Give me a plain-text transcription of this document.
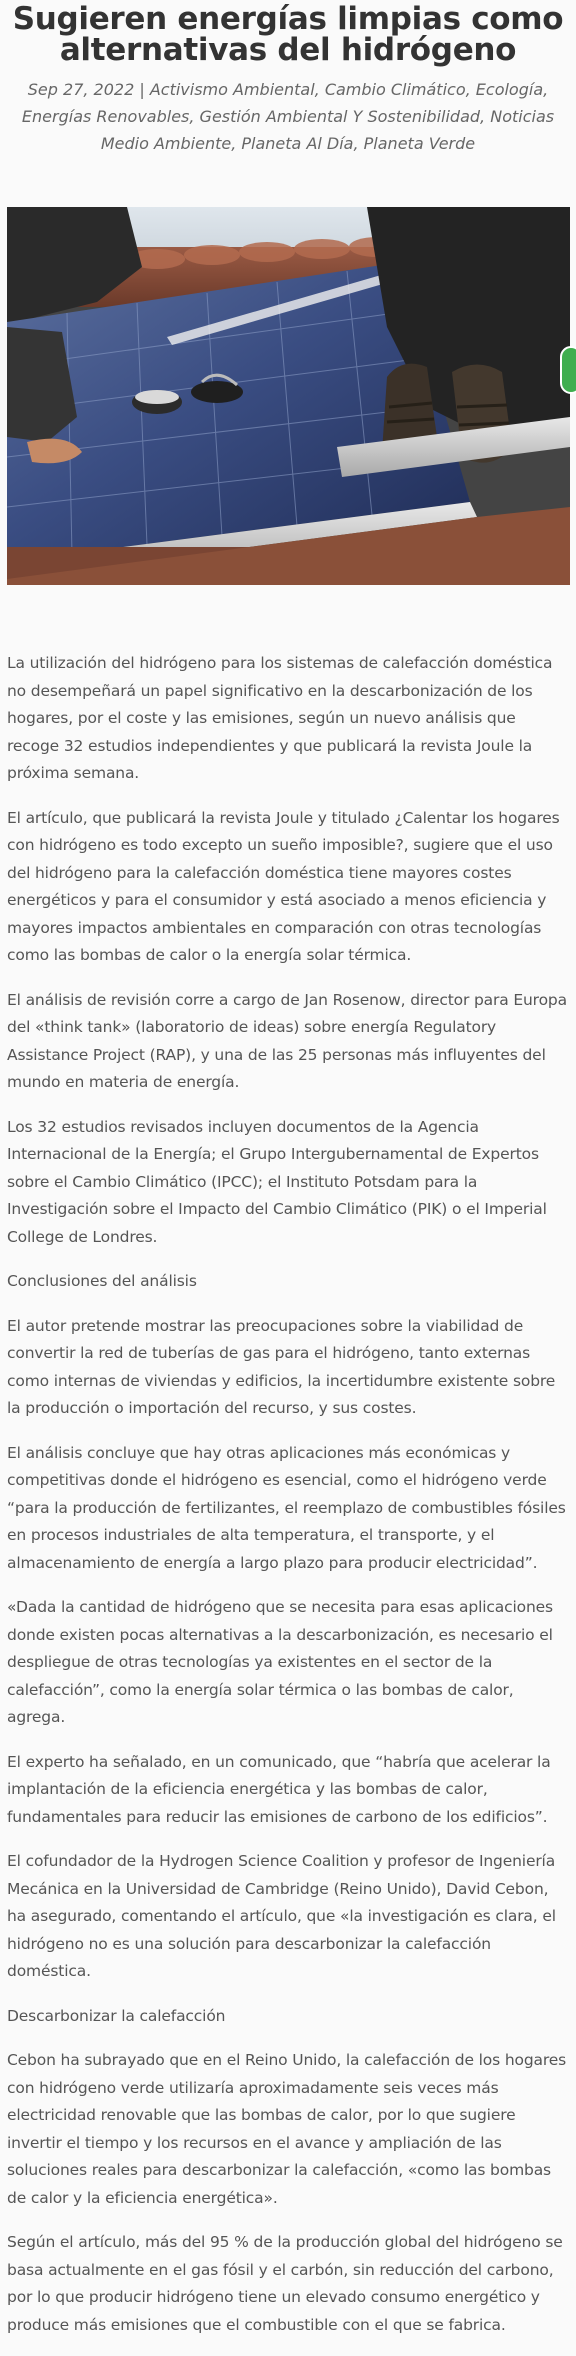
Sugieren energías limpias como alternativas del hidrógeno
Sep 27, 2022 | Activismo Ambiental, Cambio Climático, Ecología, Energías Renovables, Gestión Ambiental Y Sostenibilidad, Noticias Medio Ambiente, Planeta Al Día, Planeta Verde

La utilización del hidrógeno para los sistemas de calefacción doméstica no desempeñará un papel significativo en la descarbonización de los hogares, por el coste y las emisiones, según un nuevo análisis que recoge 32 estudios independientes y que publicará la revista Joule la próxima semana.

El artículo, que publicará la revista Joule y titulado ¿Calentar los hogares con hidrógeno es todo excepto un sueño imposible?, sugiere que el uso del hidrógeno para la calefacción doméstica tiene mayores costes energéticos y para el consumidor y está asociado a menos eficiencia y mayores impactos ambientales en comparación con otras tecnologías como las bombas de calor o la energía solar térmica.

El análisis de revisión corre a cargo de Jan Rosenow, director para Europa del «think tank» (laboratorio de ideas) sobre energía Regulatory Assistance Project (RAP), y una de las 25 personas más influyentes del mundo en materia de energía.

Los 32 estudios revisados incluyen documentos de la Agencia Internacional de la Energía; el Grupo Intergubernamental de Expertos sobre el Cambio Climático (IPCC); el Instituto Potsdam para la Investigación sobre el Impacto del Cambio Climático (PIK) o el Imperial College de Londres.

Conclusiones del análisis

El autor pretende mostrar las preocupaciones sobre la viabilidad de convertir la red de tuberías de gas para el hidrógeno, tanto externas como internas de viviendas y edificios, la incertidumbre existente sobre la producción o importación del recurso, y sus costes.

El análisis concluye que hay otras aplicaciones más económicas y competitivas donde el hidrógeno es esencial, como el hidrógeno verde “para la producción de fertilizantes, el reemplazo de combustibles fósiles en procesos industriales de alta temperatura, el transporte, y el almacenamiento de energía a largo plazo para producir electricidad”.

«Dada la cantidad de hidrógeno que se necesita para esas aplicaciones donde existen pocas alternativas a la descarbonización, es necesario el despliegue de otras tecnologías ya existentes en el sector de la calefacción”, como la energía solar térmica o las bombas de calor, agrega.

El experto ha señalado, en un comunicado, que “habría que acelerar la implantación de la eficiencia energética y las bombas de calor, fundamentales para reducir las emisiones de carbono de los edificios”.

El cofundador de la Hydrogen Science Coalition y profesor de Ingeniería Mecánica en la Universidad de Cambridge (Reino Unido), David Cebon, ha asegurado, comentando el artículo, que «la investigación es clara, el hidrógeno no es una solución para descarbonizar la calefacción doméstica.

Descarbonizar la calefacción

Cebon ha subrayado que en el Reino Unido, la calefacción de los hogares con hidrógeno verde utilizaría aproximadamente seis veces más electricidad renovable que las bombas de calor, por lo que sugiere invertir el tiempo y los recursos en el avance y ampliación de las soluciones reales para descarbonizar la calefacción, «como las bombas de calor y la eficiencia energética».

Según el artículo, más del 95 % de la producción global del hidrógeno se basa actualmente en el gas fósil y el carbón, sin reducción del carbono, por lo que producir hidrógeno tiene un elevado consumo energético y produce más emisiones que el combustible con el que se fabrica.
